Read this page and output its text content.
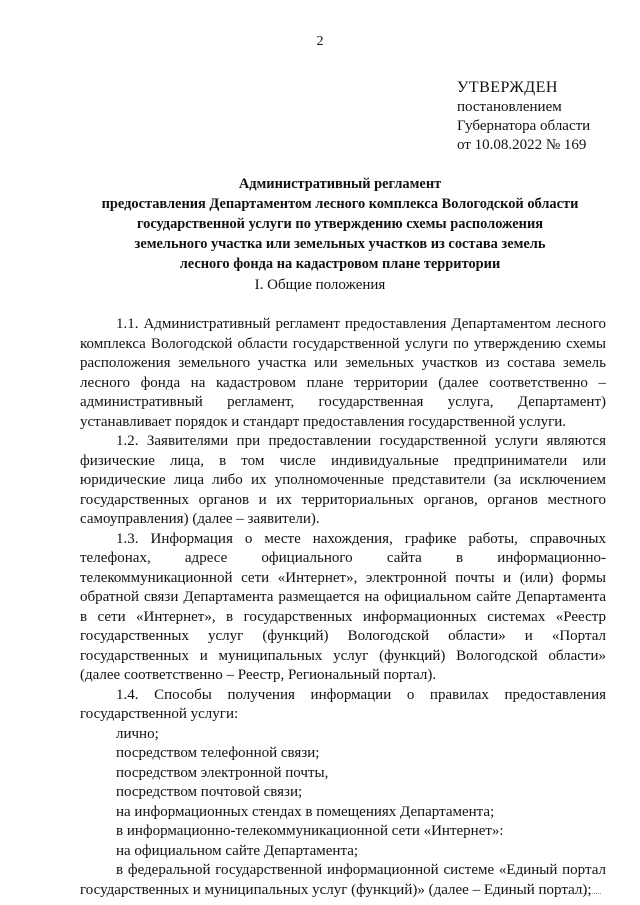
2
УТВЕРЖДЕН
постановлением
Губернатора области
от 10.08.2022 № 169
Административный регламент
предоставления Департаментом лесного комплекса Вологодской области
государственной услуги по утверждению схемы расположения
земельного участка или земельных участков из состава земель
лесного фонда на кадастровом плане территории
I. Общие положения

1.1. Административный регламент предоставления Департаментом лесного комплекса Вологодской области государственной услуги по утверждению схемы расположения земельного участка или земельных участков из состава земель лесного фонда на кадастровом плане территории (далее соответственно – административный регламент, государственная услуга, Департамент) устанавливает порядок и стандарт предоставления государственной услуги.

1.2. Заявителями при предоставлении государственной услуги являются физические лица, в том числе индивидуальные предприниматели или юридические лица либо их уполномоченные представители (за исключением государственных органов и их территориальных органов, органов местного самоуправления) (далее – заявители).

1.3. Информация о месте нахождения, графике работы, справочных телефонах, адресе официального сайта в информационно-телекоммуникационной сети «Интернет», электронной почты и (или) формы обратной связи Департамента размещается на официальном сайте Департамента в сети «Интернет», в государственных информационных системах «Реестр государственных услуг (функций) Вологодской области» и «Портал государственных и муниципальных услуг (функций) Вологодской области» (далее соответственно – Реестр, Региональный портал).

1.4. Способы получения информации о правилах предоставления государственной услуги:

лично;

посредством телефонной связи;

посредством электронной почты,

посредством почтовой связи;

на информационных стендах в помещениях Департамента;

в информационно-телекоммуникационной сети «Интернет»:

на официальном сайте Департамента;

в федеральной государственной информационной системе «Единый портал государственных и муниципальных услуг (функций)» (далее – Единый портал);
